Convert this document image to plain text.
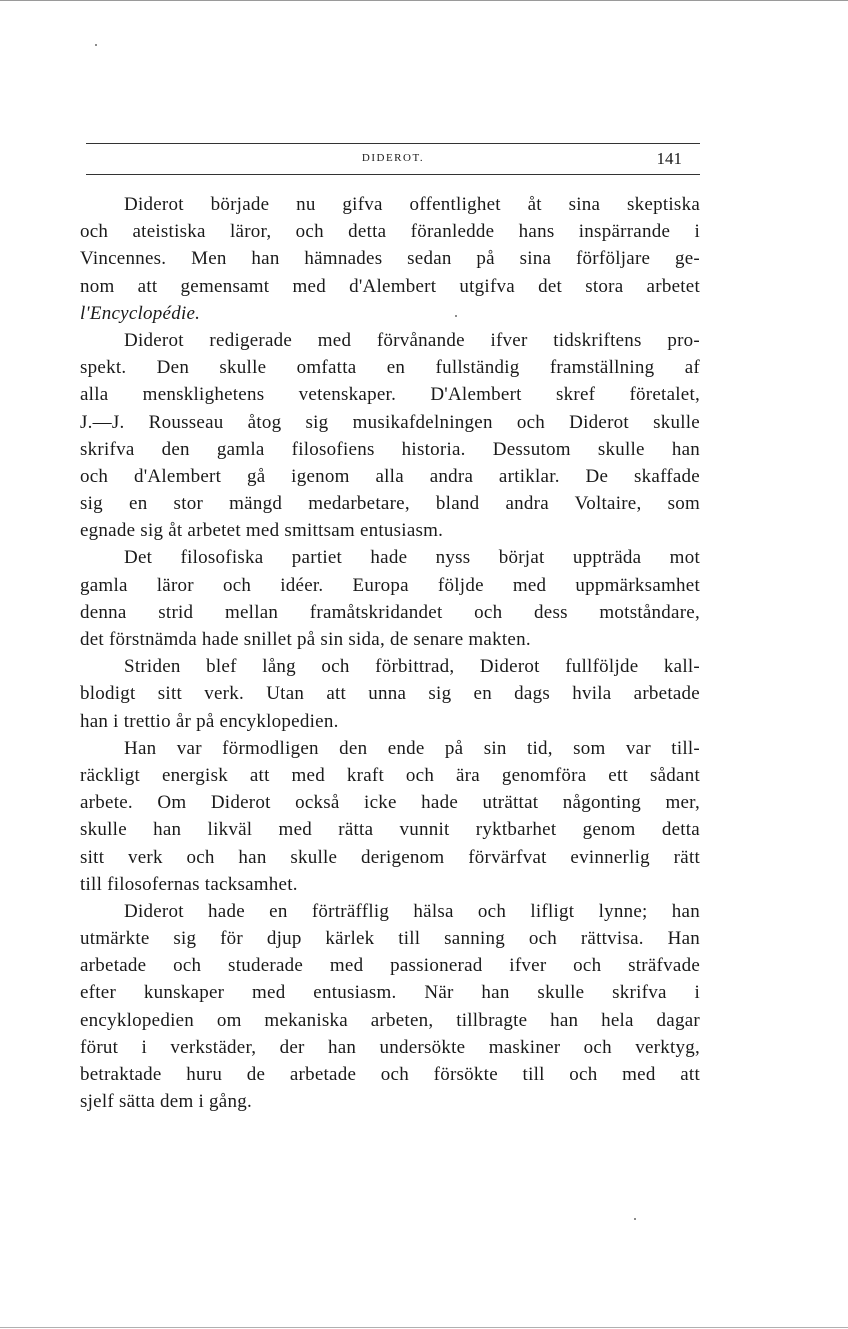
DIDEROT.	141
Diderot började nu gifva offentlighet åt sina skeptiska
och ateistiska läror, och detta föranledde hans inspärrande i
Vincennes. Men han hämnades sedan på sina förföljare ge-
nom att gemensamt med d'Alembert utgifva det stora arbetet
l'Encyclopédie.
Diderot redigerade med förvånande ifver tidskriftens pro-
spekt. Den skulle omfatta en fullständig framställning af
alla mensklighetens vetenskaper. D'Alembert skref företalet,
J.—J. Rousseau åtog sig musikafdelningen och Diderot skulle
skrifva den gamla filosofiens historia. Dessutom skulle han
och d'Alembert gå igenom alla andra artiklar. De skaffade
sig en stor mängd medarbetare, bland andra Voltaire, som
egnade sig åt arbetet med smittsam entusiasm.
Det filosofiska partiet hade nyss börjat uppträda mot
gamla läror och idéer. Europa följde med uppmärksamhet
denna strid mellan framåtskridandet och dess motståndare,
det förstnämda hade snillet på sin sida, de senare makten.
Striden blef lång och förbittrad, Diderot fullföljde kall-
blodigt sitt verk. Utan att unna sig en dags hvila arbetade
han i trettio år på encyklopedien.
Han var förmodligen den ende på sin tid, som var till-
räckligt energisk att med kraft och ära genomföra ett sådant
arbete. Om Diderot också icke hade uträttat någonting mer,
skulle han likväl med rätta vunnit ryktbarhet genom detta
sitt verk och han skulle derigenom förvärfvat evinnerlig rätt
till filosofernas tacksamhet.
Diderot hade en förträfflig hälsa och lifligt lynne; han
utmärkte sig för djup kärlek till sanning och rättvisa. Han
arbetade och studerade med passionerad ifver och sträfvade
efter kunskaper med entusiasm. När han skulle skrifva i
encyklopedien om mekaniska arbeten, tillbragte han hela dagar
förut i verkstäder, der han undersökte maskiner och verktyg,
betraktade huru de arbetade och försökte till och med att
sjelf sätta dem i gång.
